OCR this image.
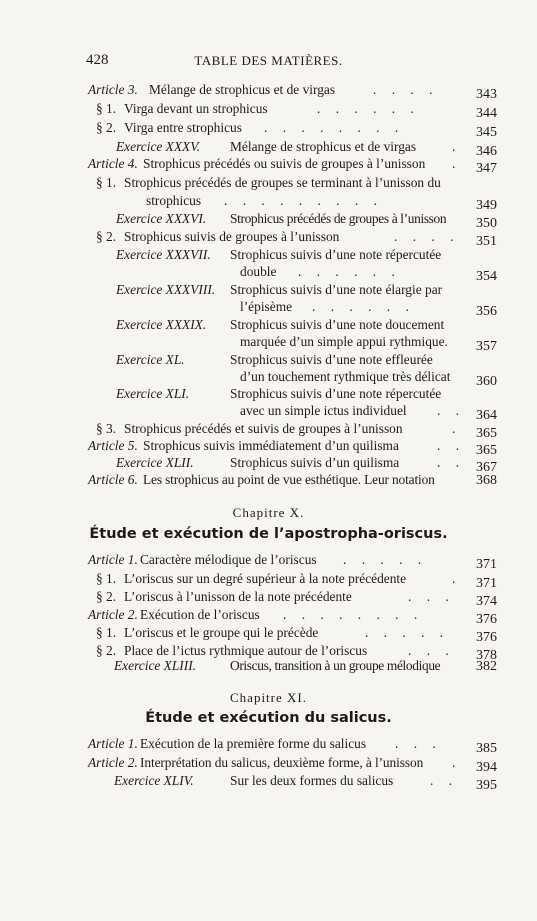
428	TABLE DES MATIÈRES.
Article 3. Mélange de strophicus et de virgas	. . . .	343
§ 1. Virga devant un strophicus	. . . . . .	344
§ 2. Virga entre strophicus . . . . . . . .	345
Exercice XXXV. Mélange de strophicus et de virgas	. 346
Article 4. Strophicus précédés ou suivis de groupes à l’unisson . 347
§ 1. Strophicus précédés de groupes se terminant à l’unisson du
strophicus . . . . . . . . .	349
Exercice XXXVI. Strophicus précédés de groupes à l’unisson 350
§ 2. Strophicus suivis de groupes à l’unisson	. . . . 351
Exercice XXXVII. Strophicus suivis d’une note répercutée
double . . . . . .	354
Exercice XXXVIII. Strophicus suivis d’une note élargie par
l’épisème . . . . . .	356
Exercice XXXIX. Strophicus suivis d’une note doucement
marquée d’un simple appui rythmique. 357
Exercice XL.	Strophicus suivis d’une note effleurée
d’un touchement rythmique très délicat 360
Exercice XLI.	Strophicus suivis d’une note répercutée
avec un simple ictus individuel . . 364
§ 3. Strophicus précédés et suivis de groupes à l’unisson	. 365
Article 5. Strophicus suivis immédiatement d’un quilisma	. . 365
Exercice XLII.	Strophicus suivis d’un quilisma	. . 367
Article 6. Les strophicus au point de vue esthétique. Leur notation	368
Chapitre X.
Étude et exécution de l’apostropha-oriscus.
Article 1. Caractère mélodique de l’oriscus . . . . .	371
§ 1. L’oriscus sur un degré supérieur à la note précédente	. 371
§ 2. L’oriscus à l’unisson de la note précédente	. . . 374
Article 2. Exécution de l’oriscus . . . . . . . .	376
§ 1. L’oriscus et le groupe qui le précède	. . . . . 376
§ 2. Place de l’ictus rythmique autour de l’oriscus	. . . 378
Exercice XLIII.	Oriscus, transition à un groupe mélodique	382
Chapitre XI.
Étude et exécution du salicus.
Article 1. Exécution de la première forme du salicus . . . 385
Article 2. Interprétation du salicus, deuxième forme, à l’unisson . 394
Exercice XLIV.	Sur les deux formes du salicus	. . 395
